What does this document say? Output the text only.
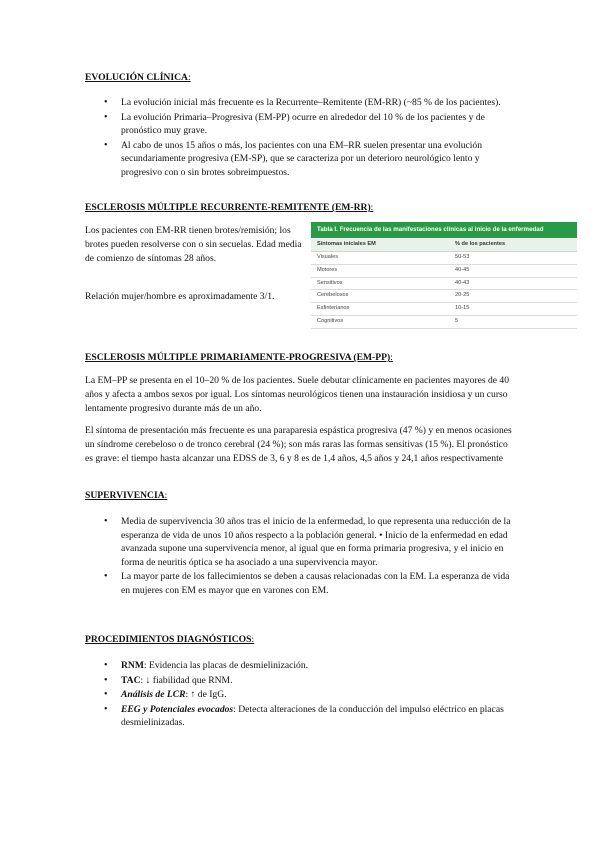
EVOLUCIÓN CLÍNICA:

• La evolución inicial más frecuente es la Recurrente–Remitente (EM-RR) (~85 % de los pacientes).
• La evolución Primaria–Progresiva (EM-PP) ocurre en alrededor del 10 % de los pacientes y de pronóstico muy grave.
• Al cabo de unos 15 años o más, los pacientes con una EM–RR suelen presentar una evolución secundariamente progresiva (EM-SP), que se caracteriza por un deterioro neurológico lento y progresivo con o sin brotes sobreimpuestos.

ESCLEROSIS MÚLTIPLE RECURRENTE-REMITENTE (EM-RR):

Los pacientes con EM-RR tienen brotes/remisión; los brotes pueden resolverse con o sin secuelas. Edad media de comienzo de síntomas 28 años.

Relación mujer/hombre es aproximadamente 3/1.

Tabla I. Frecuencia de las manifestaciones clínicas al inicio de la enfermedad
Síntomas iniciales EM	% de los pacientes
Visuales	50-53
Motores	40-45
Sensitivos	40-43
Cerebelosos	20-25
Esfinterianos	10-15
Cognitivos	5

ESCLEROSIS MÚLTIPLE PRIMARIAMENTE-PROGRESIVA (EM-PP):

La EM–PP se presenta en el 10–20 % de los pacientes. Suele debutar clínicamente en pacientes mayores de 40 años y afecta a ambos sexos por igual. Los síntomas neurológicos tienen una instauración insidiosa y un curso lentamente progresivo durante más de un año.

El síntoma de presentación más frecuente es una paraparesia espástica progresiva (47 %) y en menos ocasiones un síndrome cerebeloso o de tronco cerebral (24 %); son más raras las formas sensitivas (15 %). El pronóstico es grave: el tiempo hasta alcanzar una EDSS de 3, 6 y 8 es de 1,4 años, 4,5 años y 24,1 años respectivamente

SUPERVIVENCIA:

• Media de supervivencia 30 años tras el inicio de la enfermedad, lo que representa una reducción de la esperanza de vida de unos 10 años respecto a la población general. • Inicio de la enfermedad en edad avanzada supone una supervivencia menor, al igual que en forma primaria progresiva, y el inicio en forma de neuritis óptica se ha asociado a una supervivencia mayor.
• La mayor parte de los fallecimientos se deben a causas relacionadas con la EM. La esperanza de vida en mujeres con EM es mayor que en varones con EM.

PROCEDIMIENTOS DIAGNÓSTICOS:

• RNM: Evidencia las placas de desmielinización.
• TAC: ↓ fiabilidad que RNM.
• Análisis de LCR: ↑ de IgG.
• EEG y Potenciales evocados: Detecta alteraciones de la conducción del impulso eléctrico en placas desmielinizadas.
